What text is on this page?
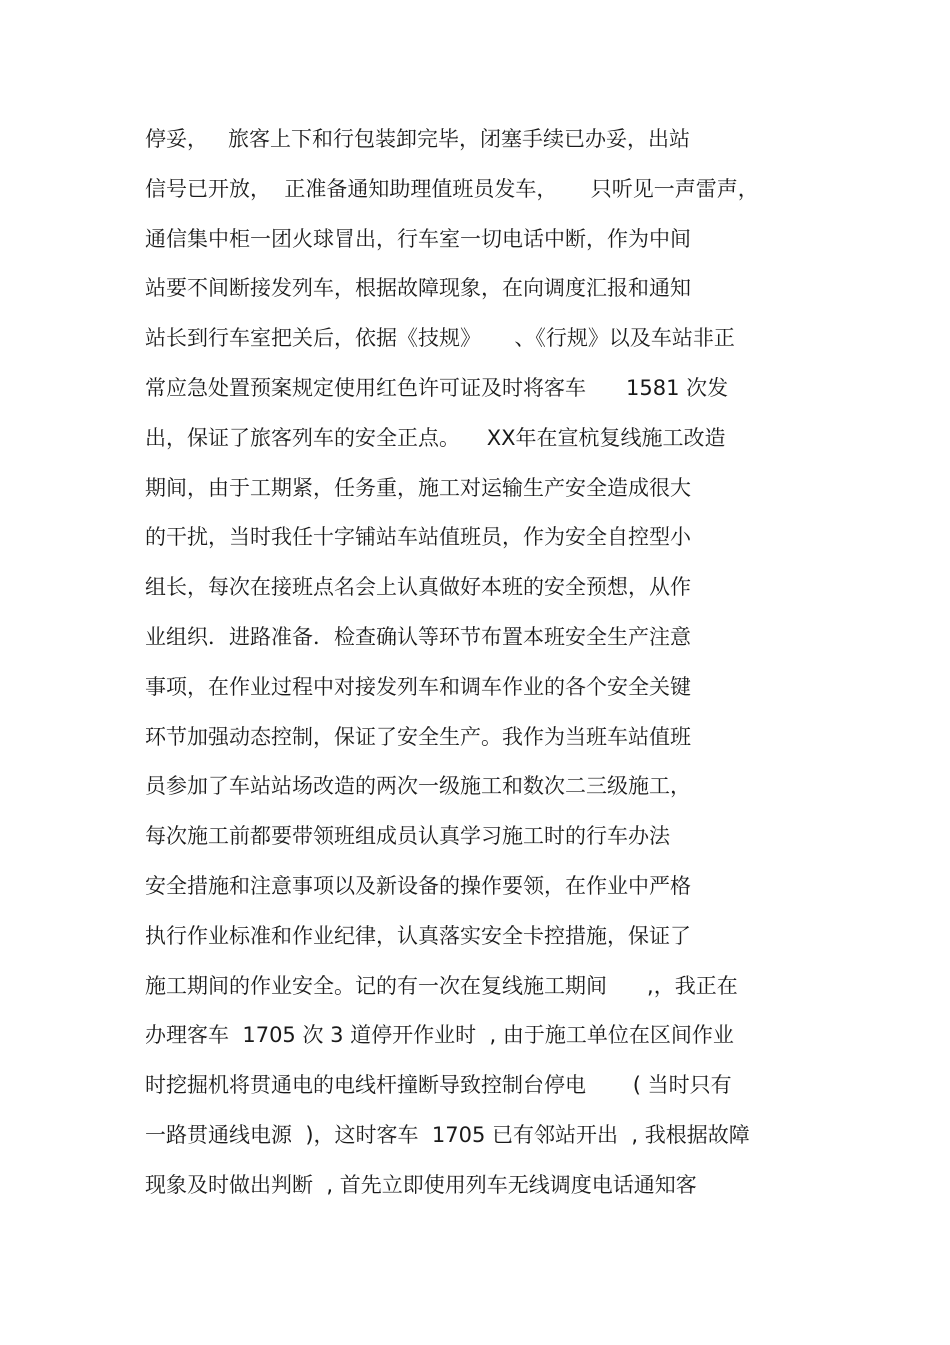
停妥，   旅客上下和行包装卸完毕，闭塞手续已办妥，出站
信号已开放，  正准备通知助理值班员发车，     只听见一声雷声，
通信集中柜一团火球冒出，行车室一切电话中断，作为中间
站要不间断接发列车，根据故障现象，在向调度汇报和通知
站长到行车室把关后，依据《技规》     、《行规》以及车站非正
常应急处置预案规定使用红色许可证及时将客车      1581 次发
出，保证了旅客列车的安全正点。    XX年在宣杭复线施工改造
期间，由于工期紧，任务重，施工对运输生产安全造成很大
的干扰，当时我任十字铺站车站值班员，作为安全自控型小
组长，每次在接班点名会上认真做好本班的安全预想，从作
业组织．进路准备．检查确认等环节布置本班安全生产注意
事项，在作业过程中对接发列车和调车作业的各个安全关键
环节加强动态控制，保证了安全生产。我作为当班车站值班
员参加了车站站场改造的两次一级施工和数次二三级施工，
每次施工前都要带领班组成员认真学习施工时的行车办法
安全措施和注意事项以及新设备的操作要领，在作业中严格
执行作业标准和作业纪律，认真落实安全卡控措施，保证了
施工期间的作业安全。记的有一次在复线施工期间      ,，我正在
办理客车  1705 次 3 道停开作业时  , 由于施工单位在区间作业
时挖掘机将贯通电的电线杆撞断导致控制台停电       ( 当时只有
一路贯通线电源  )，这时客车  1705 已有邻站开出  , 我根据故障
现象及时做出判断  , 首先立即使用列车无线调度电话通知客
